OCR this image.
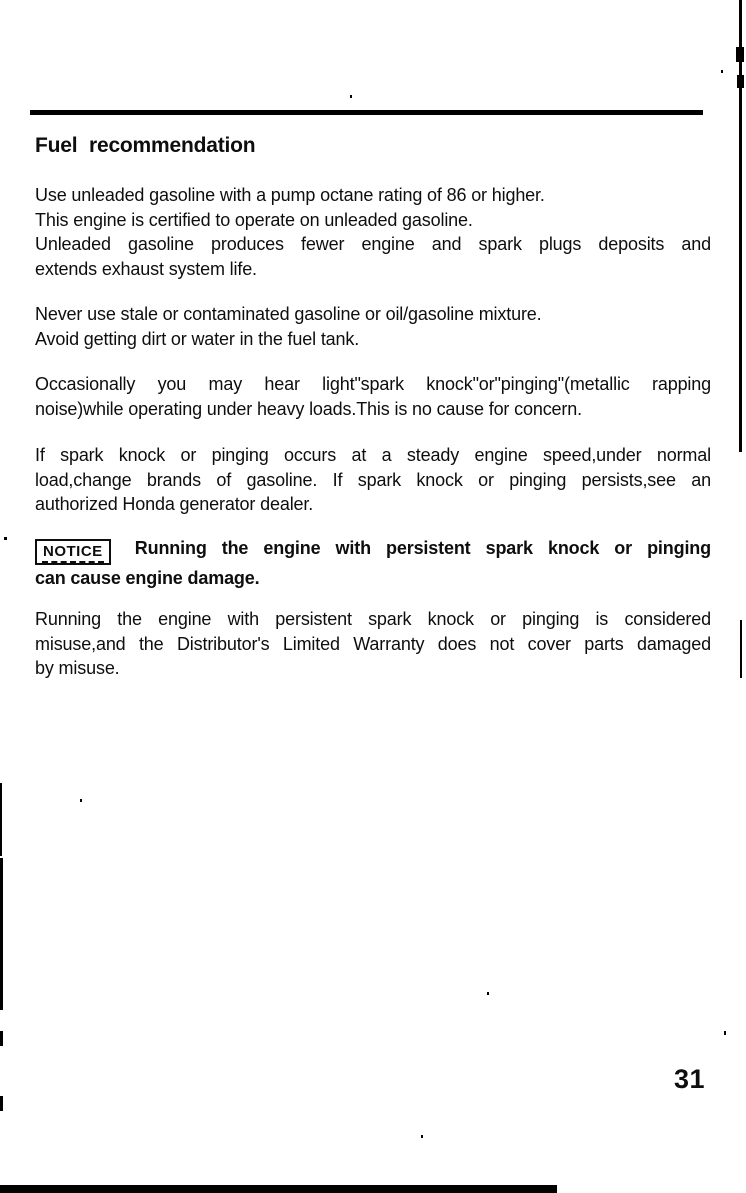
Fuel recommendation
Use unleaded gasoline with a pump octane rating of 86 or higher.
This engine is certified to operate on unleaded gasoline.
Unleaded gasoline produces fewer engine and spark plugs deposits and
extends exhaust system life.
Never use stale or contaminated gasoline or oil/gasoline mixture.
Avoid getting dirt or water in the fuel tank.
Occasionally you may hear light"spark knock"or"pinging"(metallic rapping
noise)while operating under heavy loads.This is no cause for concern.
If spark knock or pinging occurs at a steady engine speed,under normal
load,change brands of gasoline. If spark knock or pinging persists,see an
authorized Honda generator dealer.
NOTICE Running the engine with persistent spark knock or pinging
can cause engine damage.
Running the engine with persistent spark knock or pinging is considered
misuse,and the Distributor's Limited Warranty does not cover parts damaged
by misuse.
31
